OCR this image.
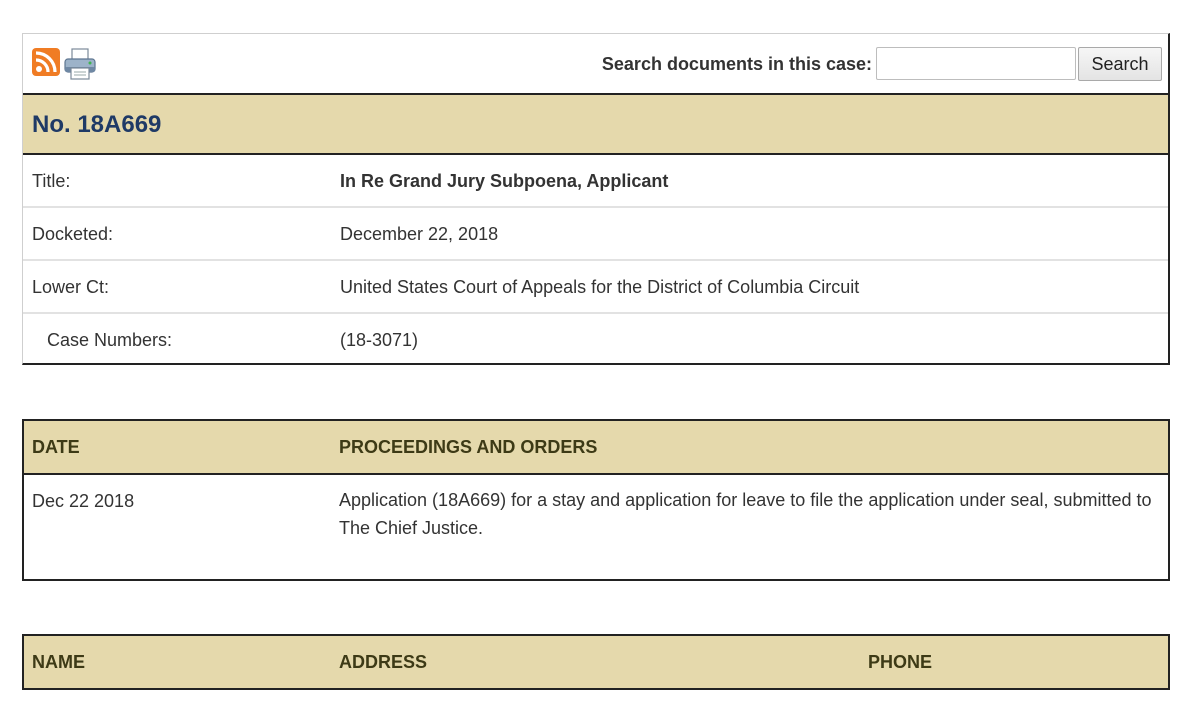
Search documents in this case:	Search
No. 18A669
Title:	In Re Grand Jury Subpoena, Applicant
Docketed:	December 22, 2018
Lower Ct:	United States Court of Appeals for the District of Columbia Circuit
Case Numbers:	(18-3071)
DATE	PROCEEDINGS AND ORDERS
Dec 22 2018	Application (18A669) for a stay and application for leave to file the application under seal, submitted to The Chief Justice.
NAME	ADDRESS	PHONE
